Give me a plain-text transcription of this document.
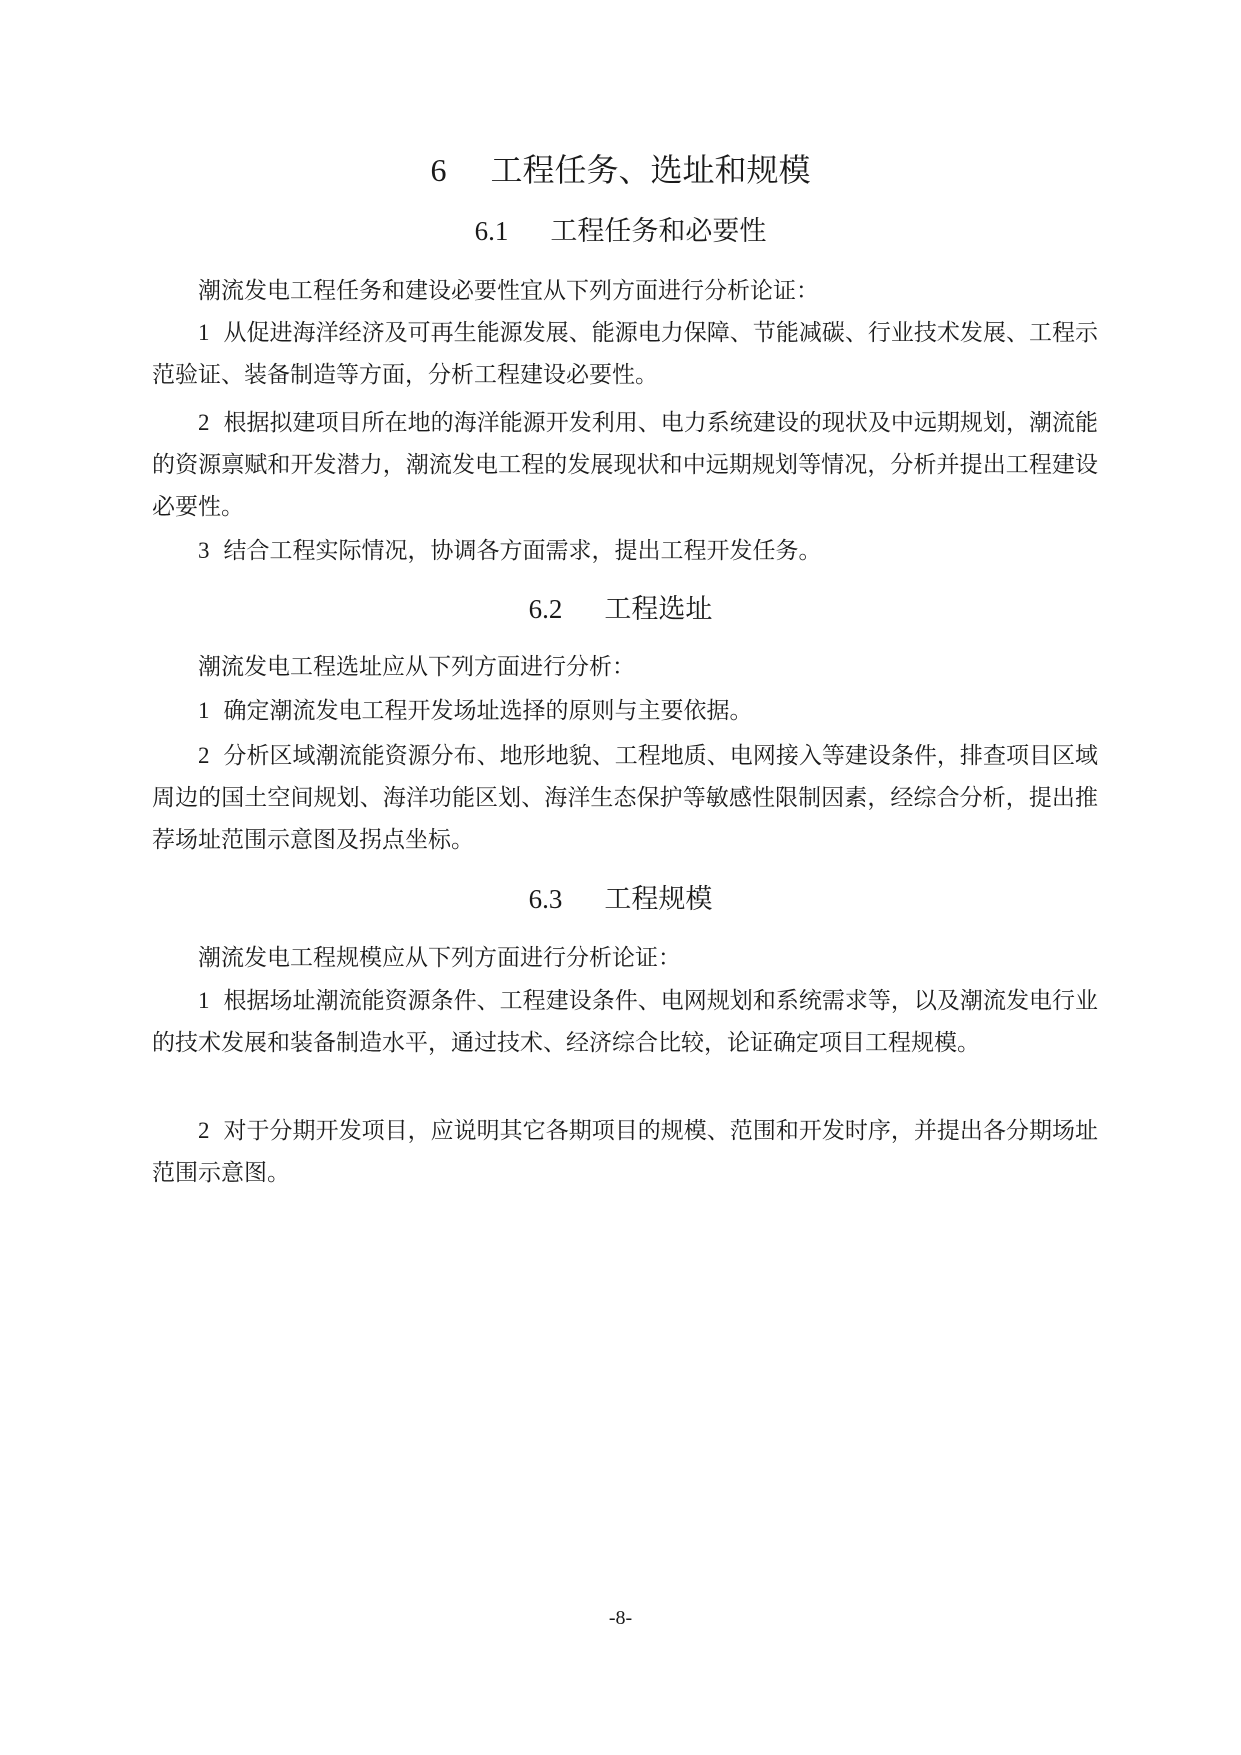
6 工程任务、选址和规模
6.1 工程任务和必要性

潮流发电工程任务和建设必要性宜从下列方面进行分析论证：

1 从促进海洋经济及可再生能源发展、能源电力保障、节能减碳、行业技术发展、工程示范验证、装备制造等方面，分析工程建设必要性。

2 根据拟建项目所在地的海洋能源开发利用、电力系统建设的现状及中远期规划，潮流能的资源禀赋和开发潜力，潮流发电工程的发展现状和中远期规划等情况，分析并提出工程建设必要性。

3 结合工程实际情况，协调各方面需求，提出工程开发任务。

6.2 工程选址

潮流发电工程选址应从下列方面进行分析：

1 确定潮流发电工程开发场址选择的原则与主要依据。

2 分析区域潮流能资源分布、地形地貌、工程地质、电网接入等建设条件，排查项目区域周边的国土空间规划、海洋功能区划、海洋生态保护等敏感性限制因素，经综合分析，提出推荐场址范围示意图及拐点坐标。

6.3 工程规模

潮流发电工程规模应从下列方面进行分析论证：

1 根据场址潮流能资源条件、工程建设条件、电网规划和系统需求等，以及潮流发电行业的技术发展和装备制造水平，通过技术、经济综合比较，论证确定项目工程规模。

2 对于分期开发项目，应说明其它各期项目的规模、范围和开发时序，并提出各分期场址范围示意图。

-8-
